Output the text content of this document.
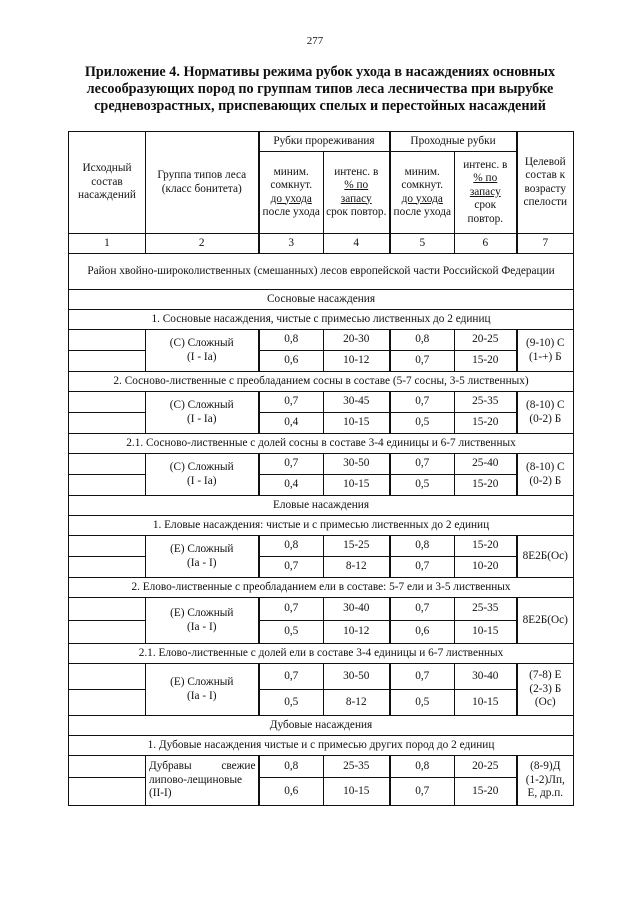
277
Приложение 4. Нормативы режима рубок ухода в насаждениях основных лесообразующих пород по группам типов леса лесничества при вырубке средневозрастных, приспевающих спелых и перестойных насаждений
Исходный состав насаждений	Группа типов леса (класс бонитета)	Рубки прореживания		Проходные рубки		Целевой состав к возрасту спелости
		миним. сомкнут.
до ухода
после ухода	интенс. в
% по
запасу
срок повтор.	миним. сомкнут.
до ухода
после ухода	интенс. в
% по
запасу
срок повтор.	
1	2	3	4	5	6	7
Район хвойно-широколиственных (смешанных) лесов европейской части Российской Федерации						
Сосновые насаждения						
1. Сосновые насаждения, чистые с примесью лиственных до 2 единиц						
	(С) Сложный
(I - Ia)	0,8	20-30	0,8	20-25	(9-10) С
(1-+) Б
		0,6	10-12	0,7	15-20	
2. Сосново-лиственные с преобладанием сосны в составе (5-7 сосны, 3-5 лиственных)						
	(С) Сложный
(I - Ia)	0,7	30-45	0,7	25-35	(8-10) С
(0-2) Б
		0,4	10-15	0,5	15-20	
2.1. Сосново-лиственные с долей сосны в составе 3-4 единицы и 6-7 лиственных						
	(С) Сложный
(I - Ia)	0,7	30-50	0,7	25-40	(8-10) С
(0-2) Б
		0,4	10-15	0,5	15-20	
Еловые насаждения						
1. Еловые насаждения: чистые и с примесью лиственных до 2 единиц						
	(Е) Сложный
(Ia - I)	0,8	15-25	0,8	15-20	8Е2Б(Ос)
		0,7	8-12	0,7	10-20	
2. Елово-лиственные с преобладанием ели в составе: 5-7 ели и 3-5 лиственных						
	(Е) Сложный
(Ia - I)	0,7	30-40	0,7	25-35	8Е2Б(Ос)
		0,5	10-12	0,6	10-15	
2.1. Елово-лиственные с долей ели в составе 3-4 единицы и 6-7 лиственных						
	(Е) Сложный
(Ia - I)	0,7	30-50	0,7	30-40	(7-8) Е
(2-3) Б
(Ос)
		0,5	8-12	0,5	10-15	
Дубовые насаждения						
1. Дубовые насаждения чистые и с примесью других пород до 2 единиц						

	Дубравы свежие
липово-лещиновые
(II-I)	0,8	25-35	0,8	20-25	(8-9)Д
(1-2)Лп,
Е, др.п.
		0,6	10-15	0,7	15-20	
